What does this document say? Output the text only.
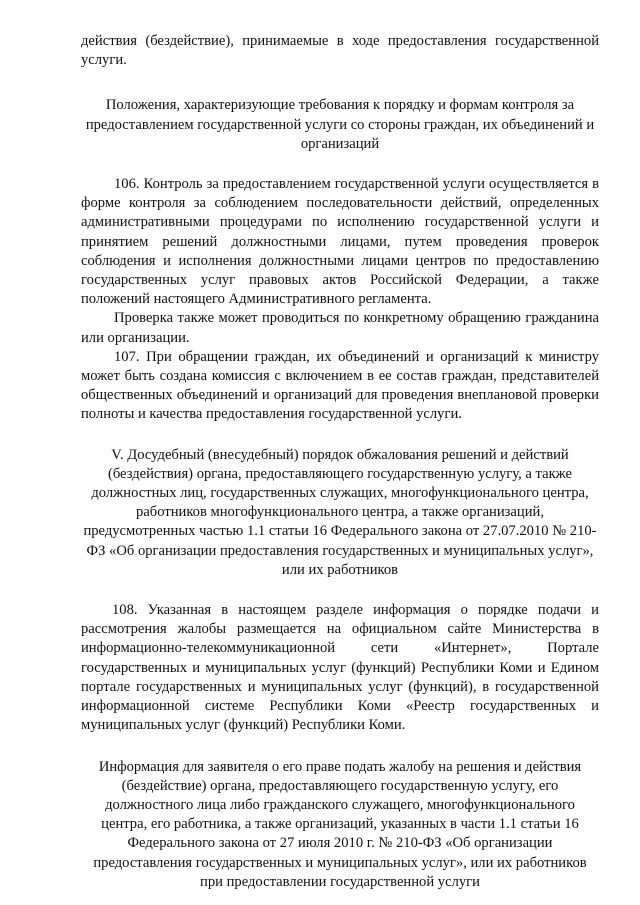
действия (бездействие), принимаемые в ходе предоставления государственной услуги.

Положения, характеризующие требования к порядку и формам контроля за предоставлением государственной услуги со стороны граждан, их объединений и организаций

106. Контроль за предоставлением государственной услуги осуществляется в форме контроля за соблюдением последовательности действий, определенных административными процедурами по исполнению государственной услуги и принятием решений должностными лицами, путем проведения проверок соблюдения и исполнения должностными лицами центров по предоставлению государственных услуг правовых актов Российской Федерации, а также положений настоящего Административного регламента.

Проверка также может проводиться по конкретному обращению гражданина или организации.

107. При обращении граждан, их объединений и организаций к министру может быть создана комиссия с включением в ее состав граждан, представителей общественных объединений и организаций для проведения внеплановой проверки полноты и качества предоставления государственной услуги.

V. Досудебный (внесудебный) порядок обжалования решений и действий (бездействия) органа, предоставляющего государственную услугу, а также должностных лиц, государственных служащих, многофункционального центра, работников многофункционального центра, а также организаций, предусмотренных частью 1.1 статьи 16 Федерального закона от 27.07.2010 № 210-ФЗ «Об организации предоставления государственных и муниципальных услуг», или их работников

108. Указанная в настоящем разделе информация о порядке подачи и рассмотрения жалобы размещается на официальном сайте Министерства в информационно-телекоммуникационной сети «Интернет», Портале государственных и муниципальных услуг (функций) Республики Коми и Едином портале государственных и муниципальных услуг (функций), в государственной информационной системе Республики Коми «Реестр государственных и муниципальных услуг (функций) Республики Коми.

Информация для заявителя о его праве подать жалобу на решения и действия (бездействие) органа, предоставляющего государственную услугу, его должностного лица либо гражданского служащего, многофункционального центра, его работника, а также организаций, указанных в части 1.1 статьи 16 Федерального закона от 27 июля 2010 г. № 210-ФЗ «Об организации предоставления государственных и муниципальных услуг», или их работников при предоставлении государственной услуги
